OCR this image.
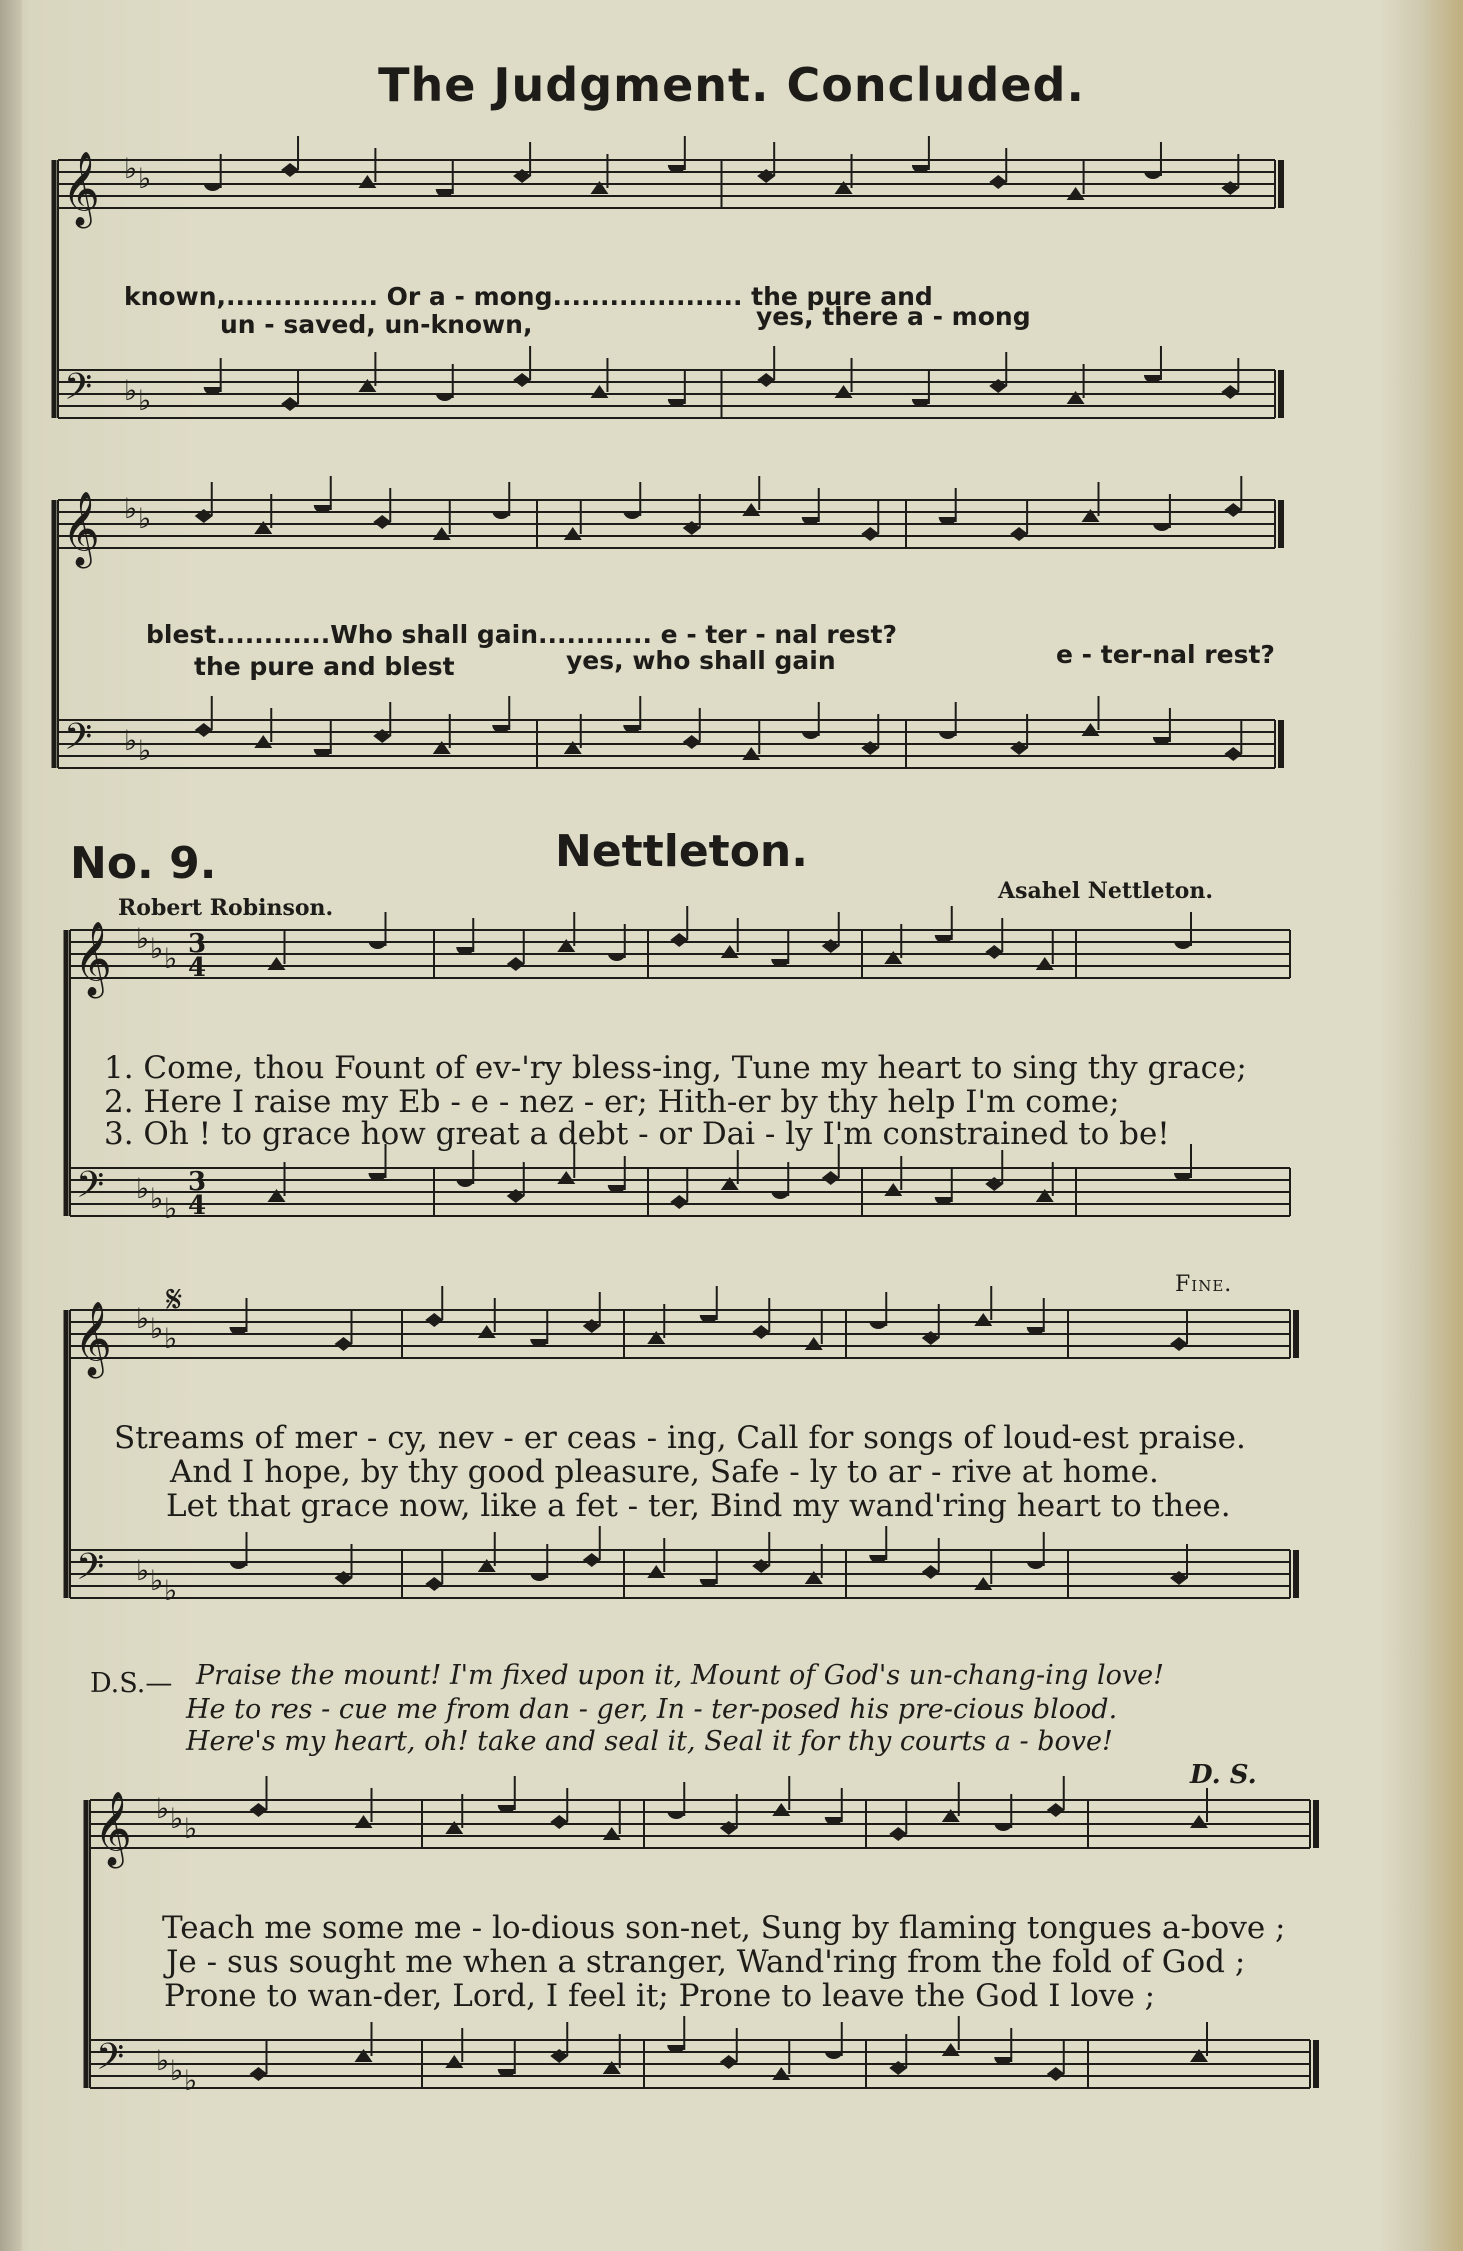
The Judgment. Concluded.
known,................ Or a - mong.................... the pure and
un - saved, un-known,	yes, there a - mong
blest............Who shall gain............ e - ter - nal rest?
the pure and blest	yes, who shall gain	e - ter-nal rest?
No. 9.	Nettleton.
Robert Robinson.
Asahel Nettleton.
1. Come, thou Fount of ev-'ry bless-ing, Tune my heart to sing thy grace;
2. Here I raise my Eb - e - nez - er; Hith-er by thy help I'm come;
3. Oh ! to grace how great a debt - or Dai - ly I'm constrained to be!
Fine.
Streams of mer - cy, nev - er ceas - ing, Call for songs of loud-est praise.
And I hope, by thy good pleasure, Safe - ly to ar - rive at home.
Let that grace now, like a fet - ter, Bind my wand'ring heart to thee.
D.S.— Praise the mount! I'm fixed upon it, Mount of God's un-chang-ing love!
He to res - cue me from dan - ger, In - ter-posed his pre-cious blood.
Here's my heart, oh! take and seal it, Seal it for thy courts a - bove!
D. S.
Teach me some me - lo-dious son-net, Sung by flaming tongues a-bove ;
Je - sus sought me when a stranger, Wand'ring from the fold of God ;
Prone to wan-der, Lord, I feel it; Prone to leave the God I love ;
𝄞
𝄢
♭
♭
♭
♭
𝄞
𝄢
♭
♭
♭
♭
𝄞
𝄢
3
4
3
4
♭
♭
♭
♭
♭
♭
𝄞
𝄢
♭
♭
♭
♭
♭
♭
𝄞
𝄢
♭
♭
♭
♭
♭
♭
𝄋
